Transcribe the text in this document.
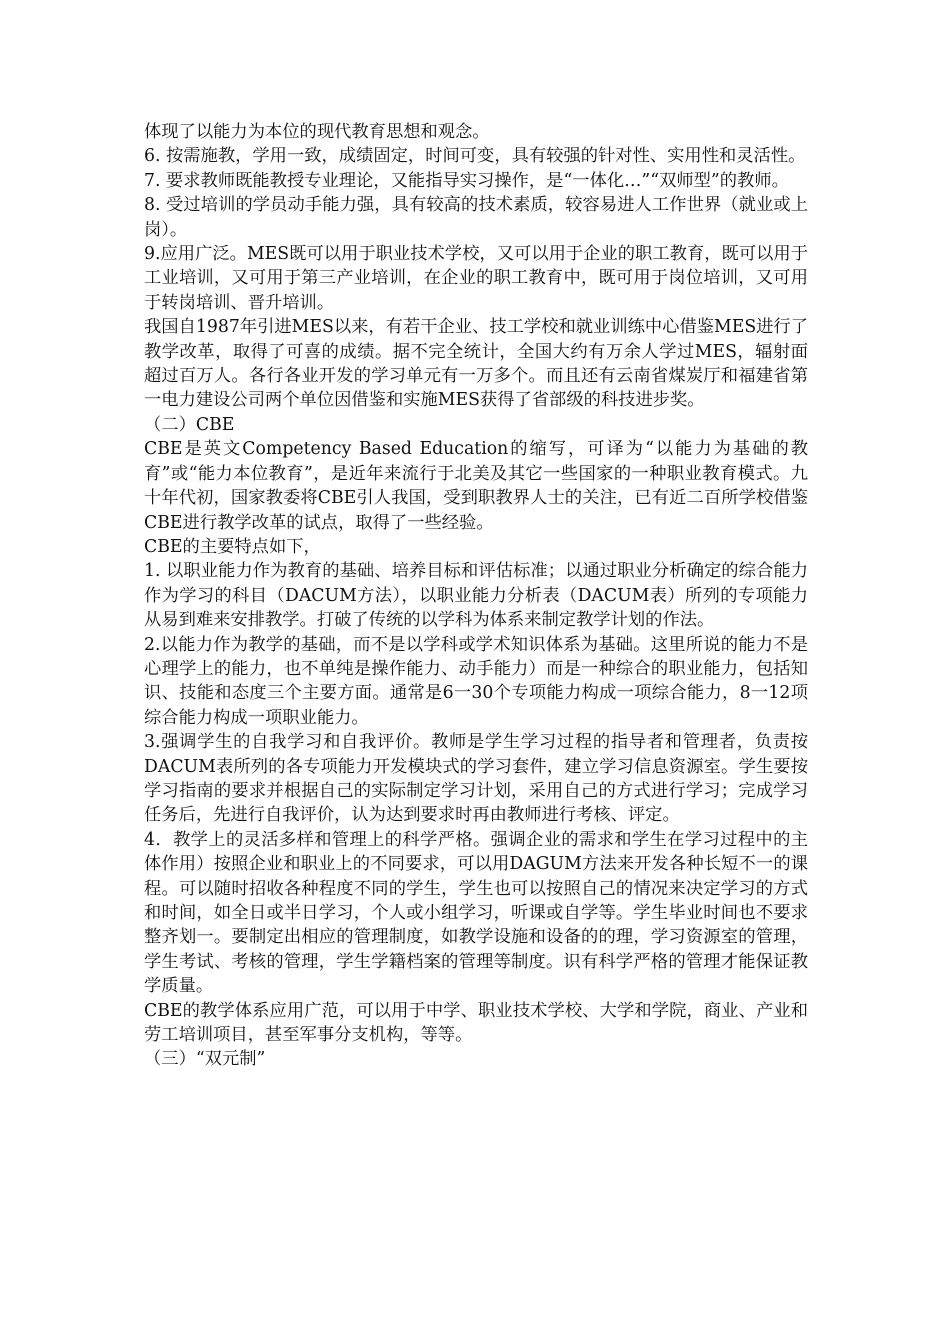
体现了以能力为本位的现代教育思想和观念。

6. 按需施教，学用一致，成绩固定，时间可变，具有较强的针对性、实用性和灵活性。

7. 要求教师既能教授专业理论，又能指导实习操作，是“一体化…”“双师型”的教师。

8. 受过培训的学员动手能力强，具有较高的技术素质，较容易进人工作世界（就业或上岗）。

9.应用广泛。MES既可以用于职业技术学校，又可以用于企业的职工教育，既可以用于工业培训，又可用于第三产业培训，在企业的职工教育中，既可用于岗位培训，又可用于转岗培训、晋升培训。

我国自1987年引进MES以来，有若干企业、技工学校和就业训练中心借鉴MES进行了教学改革，取得了可喜的成绩。据不完全统计，全国大约有万余人学过MES，辐射面超过百万人。各行各业开发的学习单元有一万多个。而且还有云南省煤炭厅和福建省第一电力建设公司两个单位因借鉴和实施MES获得了省部级的科技进步奖。

（二）CBE

CBE是英文Competency Based Education的缩写，可译为“以能力为基础的教育”或“能力本位教育”，是近年来流行于北美及其它一些国家的一种职业教育模式。九十年代初，国家教委将CBE引人我国，受到职教界人士的关注，已有近二百所学校借鉴CBE进行教学改革的试点，取得了一些经验。

CBE的主要特点如下，

1. 以职业能力作为教育的基础、培养目标和评估标准；以通过职业分析确定的综合能力作为学习的科目（DACUM方法），以职业能力分析表（DACUM表）所列的专项能力从易到难来安排教学。打破了传统的以学科为体系来制定教学计划的作法。

2.以能力作为教学的基础，而不是以学科或学术知识体系为基础。这里所说的能力不是心理学上的能力，也不单纯是操作能力、动手能力）而是一种综合的职业能力，包括知识、技能和态度三个主要方面。通常是6一30个专项能力构成一项综合能力，8一12项综合能力构成一项职业能力。

3.强调学生的自我学习和自我评价。教师是学生学习过程的指导者和管理者，负责按DACUM表所列的各专项能力开发模块式的学习套件，建立学习信息资源室。学生要按学习指南的要求并根据自己的实际制定学习计划，采用自己的方式进行学习；完成学习任务后，先进行自我评价，认为达到要求时再由教师进行考核、评定。

4．教学上的灵活多样和管理上的科学严格。强调企业的需求和学生在学习过程中的主体作用）按照企业和职业上的不同要求，可以用DAGUM方法来开发各种长短不一的课程。可以随时招收各种程度不同的学生，学生也可以按照自己的情况来决定学习的方式和时间，如全日或半日学习，个人或小组学习，听课或自学等。学生毕业时间也不要求整齐划一。要制定出相应的管理制度，如教学设施和设备的的理，学习资源室的管理，学生考试、考核的管理，学生学籍档案的管理等制度。识有科学严格的管理才能保证教学质量。

CBE的教学体系应用广范，可以用于中学、职业技术学校、大学和学院，商业、产业和劳工培训项目，甚至军事分支机构，等等。

（三）“双元制”
